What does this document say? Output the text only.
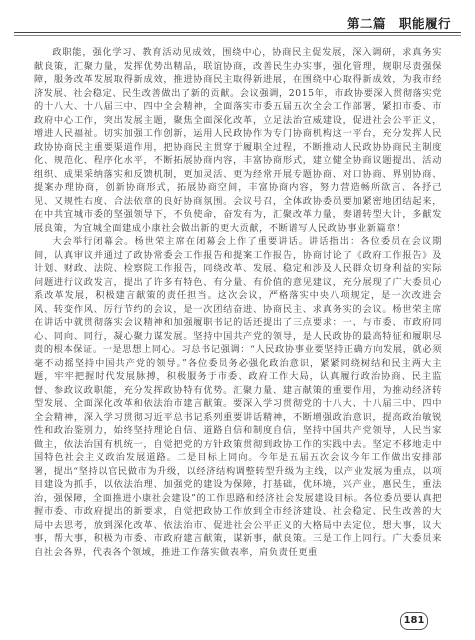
第二篇　职能履行

政职能，强化学习、教育活动见成效，围绕中心，协商民主促发展，深入调研，求真务实献良策，汇聚力量，发挥优势出精品，联谊协商，改善民生办实事，强化管理，规职尽责强保障，服务改革发展取得新成效，推进协商民主取得新进展，在围绕中心取得新成效，为我市经济发展、社会稳定、民生改善做出了新的贡献。会议强调，2015年，市政协要深入贯彻落实党的十八大、十八届三中、四中全会精神，全面落实市委五届五次全会工作部署，紧扣市委、市政府中心工作，突出发展主题，聚焦全面深化改革，立足法治宣威建设，促进社会公平正义，增进人民福祉。切实加强工作创新，运用人民政协作为专门协商机构这一平台，充分发挥人民政协协商民主重要渠道作用，把协商民主贯穿于履职全过程，不断推动人民政协协商民主制度化、规范化、程序化水平，不断拓展协商内容，丰富协商形式，建立健全协商议题提出、活动组织、成果采纳落实和反馈机制，更加灵活、更为经常开展专题协商、对口协商、界别协商、提案办理协商，创新协商形式，拓展协商空间，丰富协商内容，努力营造畅所欲言、各抒己见、又规性右度、合法依章的良好协商氛围。会议号召，全体政协委员要加紧密地团结起来，在中共宜城市委的坚强领导下，不负使命，奋发有为，汇聚改革力量，奏谱转型大计，多献发展良策，为宜城全面建成小康社会做出新的更大贡献，不断谱写人民政协事业新篇章！

大会举行闭幕会。杨世荣主席在闭幕会上作了重要讲话。讲话指出：各位委员在会议期间，认真审议并通过了政协常委会工作报告和提案工作报告，协商讨论了《政府工作报告》及计划、财政、法院、检察院工作报告，同绕改革、发展、稳定和涉及人民群众切身利益的实际问题进行议政发言，提出了许多有特色、有分量、有价值的意见建议，充分展现了广大委员心系改革发展，积极建言献策的责任担当。这次会议，严格落实中央八项规定，是一次改进会风、转变作风、厉行节约的会议，是一次团结奋进、协商民主、求真务实的会议。杨世荣主席在讲话中就贯彻落实会议精神和加强履职书记的话还提出了三点要求：一、与市委、市政府同心、同向、同行，凝心聚力谋发展。坚持中国共产党的领导，是人民政协的最高特征和履职尽责的根本保证。一是思想上同心。习总书记强调：“人民政协事业要坚持正确方向发展，就必须毫不动摇坚持中国共产党的领导。”各位委员务必强化政治意识，紧紧同绕树结和民主两大主题，牢牢把握时代发展脉搏，积极服务于市委、政府工作大局，认真履行政治协商、民主监督、参政议政职能，充分发挥政协特有优势。汇聚力量、建言献策的重要作用，为推动经济转型发展、全面深化改革和依法治市建言献策。要深入学习贯彻党的十八大、十八届三中、四中全会精神，深入学习贯彻习近平总书记系列重要讲话精神，不断增强政治意识，提高政治敏锐性和政治鉴别力，始终坚持理论自信、道路自信和制度自信，坚持中国共产党领导，人民当家做主，依法治国有机统一，自觉把党的方针政策贯彻到政协工作的实践中去。坚定不移地走中国特色社会主义政治发展道路。二是目标上同向。今年是五届五次会议今年工作做出安排部署，提出“坚持以官民做市为升级，以经济结构调整转型升级为主线，以产业发展为重点，以项目建设为抓手，以依法治理、加强党的建设为保障，打基础，优环境，兴产业，惠民生，重法治，强保障，全面推进小康社会建设”的工作思路和经济社会发展建设目标。各位委员要认真把握市委、市政府提出的新要求，自觉把政协工作放到全市经济建设、社会稳定、民生改善的大局中去思考，放到深化改革、依法治市、促进社会公平正义的大格局中去定位，想大事，议大事，帮大事，积极为市委、市政府建言献策，谋新事，献良策。三是工作上同行。广大委员来自社会各界，代表各个领域，推进工作落实做表率，肩负责任更重

181
